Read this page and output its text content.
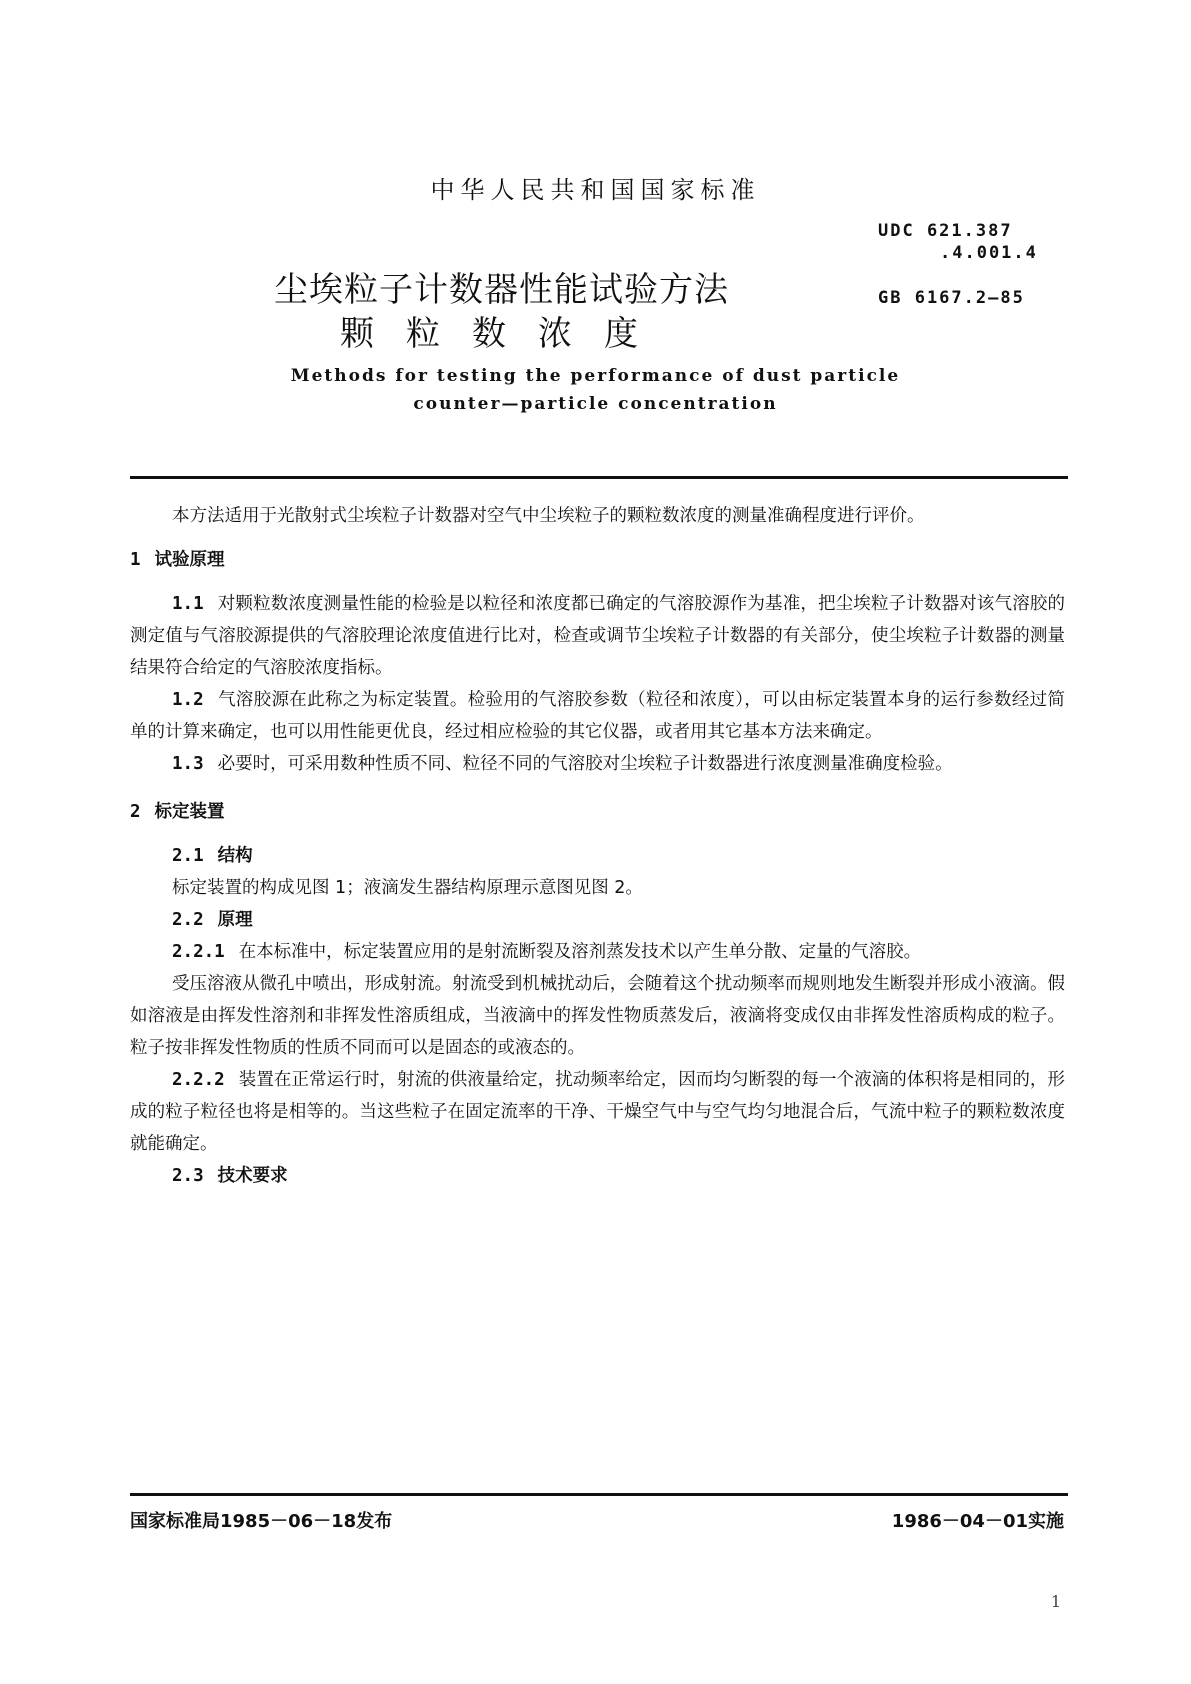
中华人民共和国国家标准
UDC 621.387
.4.001.4
GB 6167.2—85
尘埃粒子计数器性能试验方法
颗粒数浓度
Methods for testing the performance of dust particle
counter—particle concentration

本方法适用于光散射式尘埃粒子计数器对空气中尘埃粒子的颗粒数浓度的测量准确程度进行评价。

1 试验原理

1.1 对颗粒数浓度测量性能的检验是以粒径和浓度都已确定的气溶胶源作为基准，把尘埃粒子计数器对该气溶胶的测定值与气溶胶源提供的气溶胶理论浓度值进行比对，检查或调节尘埃粒子计数器的有关部分，使尘埃粒子计数器的测量结果符合给定的气溶胶浓度指标。

1.2 气溶胶源在此称之为标定装置。检验用的气溶胶参数（粒径和浓度），可以由标定装置本身的运行参数经过简单的计算来确定，也可以用性能更优良，经过相应检验的其它仪器，或者用其它基本方法来确定。

1.3 必要时，可采用数种性质不同、粒径不同的气溶胶对尘埃粒子计数器进行浓度测量准确度检验。

2 标定装置
2.1 结构

标定装置的构成见图 1；液滴发生器结构原理示意图见图 2。

2.2 原理

2.2.1 在本标准中，标定装置应用的是射流断裂及溶剂蒸发技术以产生单分散、定量的气溶胶。

受压溶液从微孔中喷出，形成射流。射流受到机械扰动后，会随着这个扰动频率而规则地发生断裂并形成小液滴。假如溶液是由挥发性溶剂和非挥发性溶质组成，当液滴中的挥发性物质蒸发后，液滴将变成仅由非挥发性溶质构成的粒子。粒子按非挥发性物质的性质不同而可以是固态的或液态的。

2.2.2 装置在正常运行时，射流的供液量给定，扰动频率给定，因而均匀断裂的每一个液滴的体积将是相同的，形成的粒子粒径也将是相等的。当这些粒子在固定流率的干净、干燥空气中与空气均匀地混合后，气流中粒子的颗粒数浓度就能确定。

2.3 技术要求
国家标准局1985－06－18发布	1986－04－01实施
1
